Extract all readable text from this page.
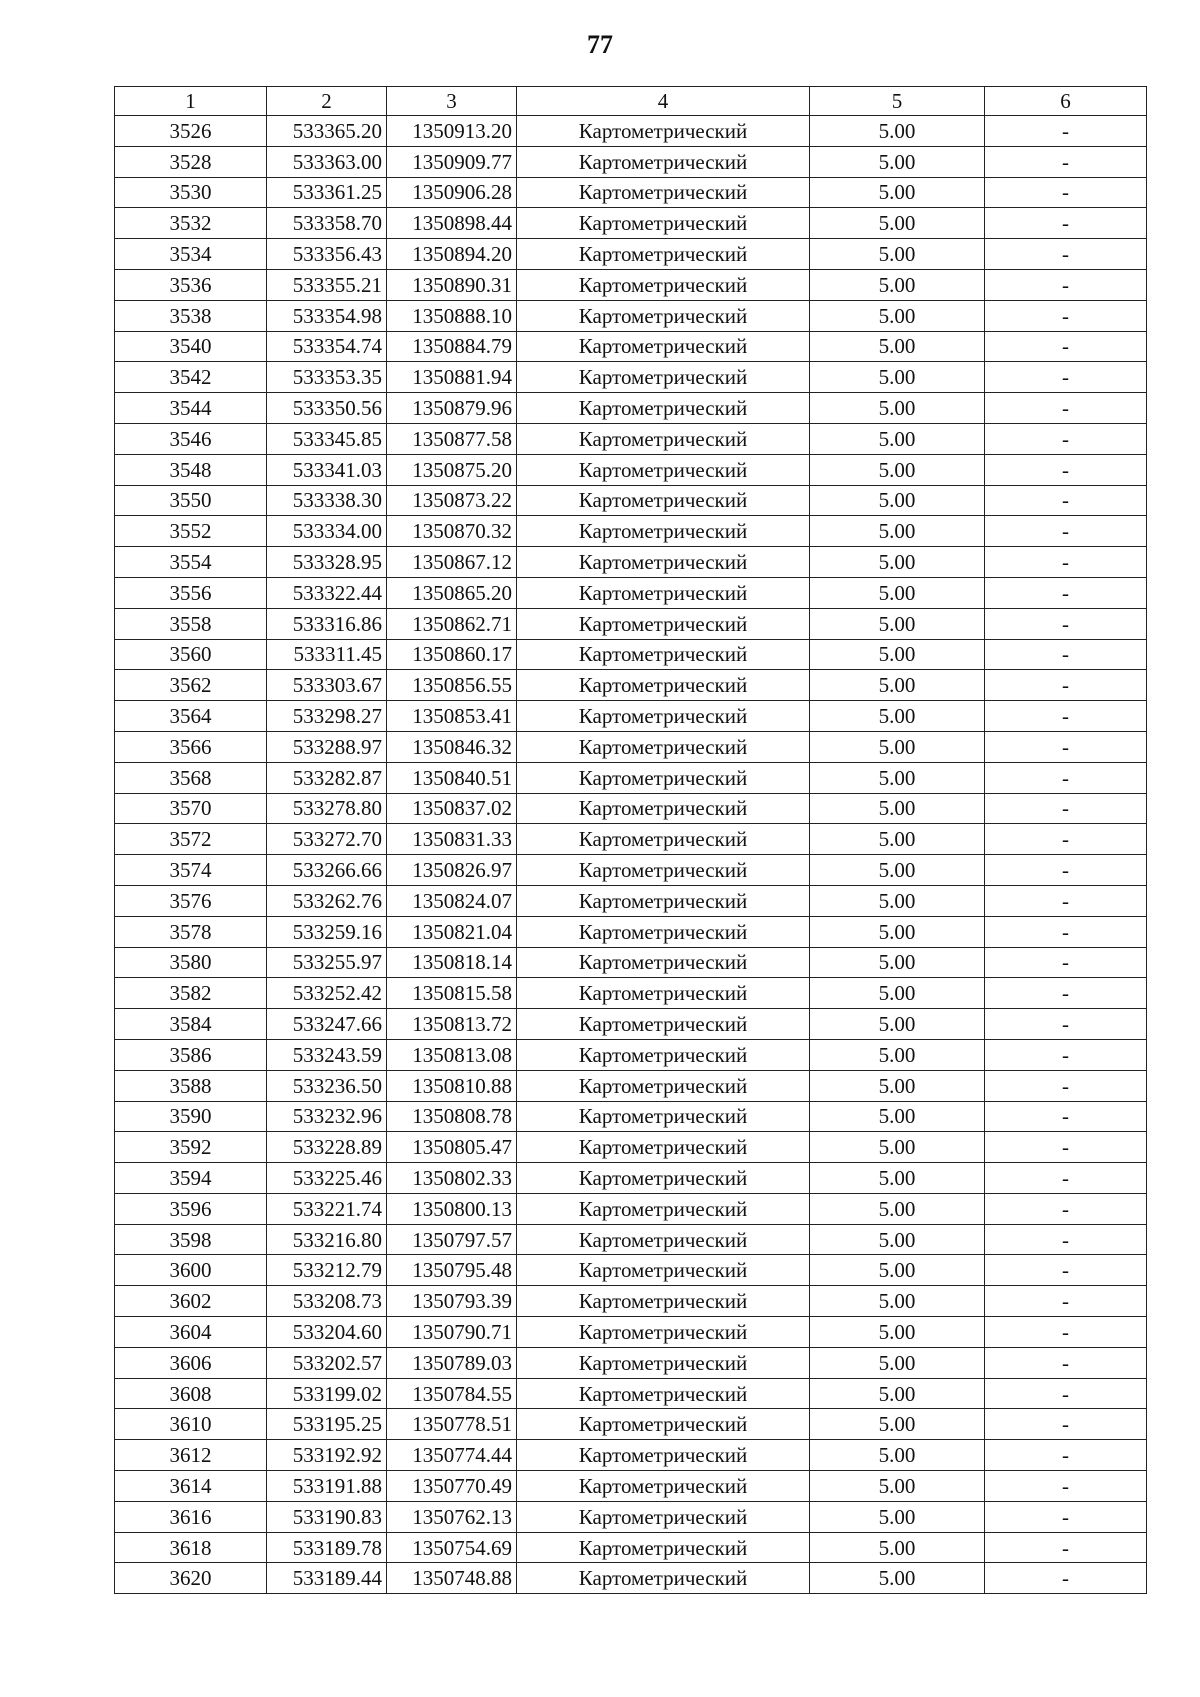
77
1	2	3	4	5	6
3526	533365.20	1350913.20	Картометрический	5.00	-
3528	533363.00	1350909.77	Картометрический	5.00	-
3530	533361.25	1350906.28	Картометрический	5.00	-
3532	533358.70	1350898.44	Картометрический	5.00	-
3534	533356.43	1350894.20	Картометрический	5.00	-
3536	533355.21	1350890.31	Картометрический	5.00	-
3538	533354.98	1350888.10	Картометрический	5.00	-
3540	533354.74	1350884.79	Картометрический	5.00	-
3542	533353.35	1350881.94	Картометрический	5.00	-
3544	533350.56	1350879.96	Картометрический	5.00	-
3546	533345.85	1350877.58	Картометрический	5.00	-
3548	533341.03	1350875.20	Картометрический	5.00	-
3550	533338.30	1350873.22	Картометрический	5.00	-
3552	533334.00	1350870.32	Картометрический	5.00	-
3554	533328.95	1350867.12	Картометрический	5.00	-
3556	533322.44	1350865.20	Картометрический	5.00	-
3558	533316.86	1350862.71	Картометрический	5.00	-
3560	533311.45	1350860.17	Картометрический	5.00	-
3562	533303.67	1350856.55	Картометрический	5.00	-
3564	533298.27	1350853.41	Картометрический	5.00	-
3566	533288.97	1350846.32	Картометрический	5.00	-
3568	533282.87	1350840.51	Картометрический	5.00	-
3570	533278.80	1350837.02	Картометрический	5.00	-
3572	533272.70	1350831.33	Картометрический	5.00	-
3574	533266.66	1350826.97	Картометрический	5.00	-
3576	533262.76	1350824.07	Картометрический	5.00	-
3578	533259.16	1350821.04	Картометрический	5.00	-
3580	533255.97	1350818.14	Картометрический	5.00	-
3582	533252.42	1350815.58	Картометрический	5.00	-
3584	533247.66	1350813.72	Картометрический	5.00	-
3586	533243.59	1350813.08	Картометрический	5.00	-
3588	533236.50	1350810.88	Картометрический	5.00	-
3590	533232.96	1350808.78	Картометрический	5.00	-
3592	533228.89	1350805.47	Картометрический	5.00	-
3594	533225.46	1350802.33	Картометрический	5.00	-
3596	533221.74	1350800.13	Картометрический	5.00	-
3598	533216.80	1350797.57	Картометрический	5.00	-
3600	533212.79	1350795.48	Картометрический	5.00	-
3602	533208.73	1350793.39	Картометрический	5.00	-
3604	533204.60	1350790.71	Картометрический	5.00	-
3606	533202.57	1350789.03	Картометрический	5.00	-
3608	533199.02	1350784.55	Картометрический	5.00	-
3610	533195.25	1350778.51	Картометрический	5.00	-
3612	533192.92	1350774.44	Картометрический	5.00	-
3614	533191.88	1350770.49	Картометрический	5.00	-
3616	533190.83	1350762.13	Картометрический	5.00	-
3618	533189.78	1350754.69	Картометрический	5.00	-
3620	533189.44	1350748.88	Картометрический	5.00	-
